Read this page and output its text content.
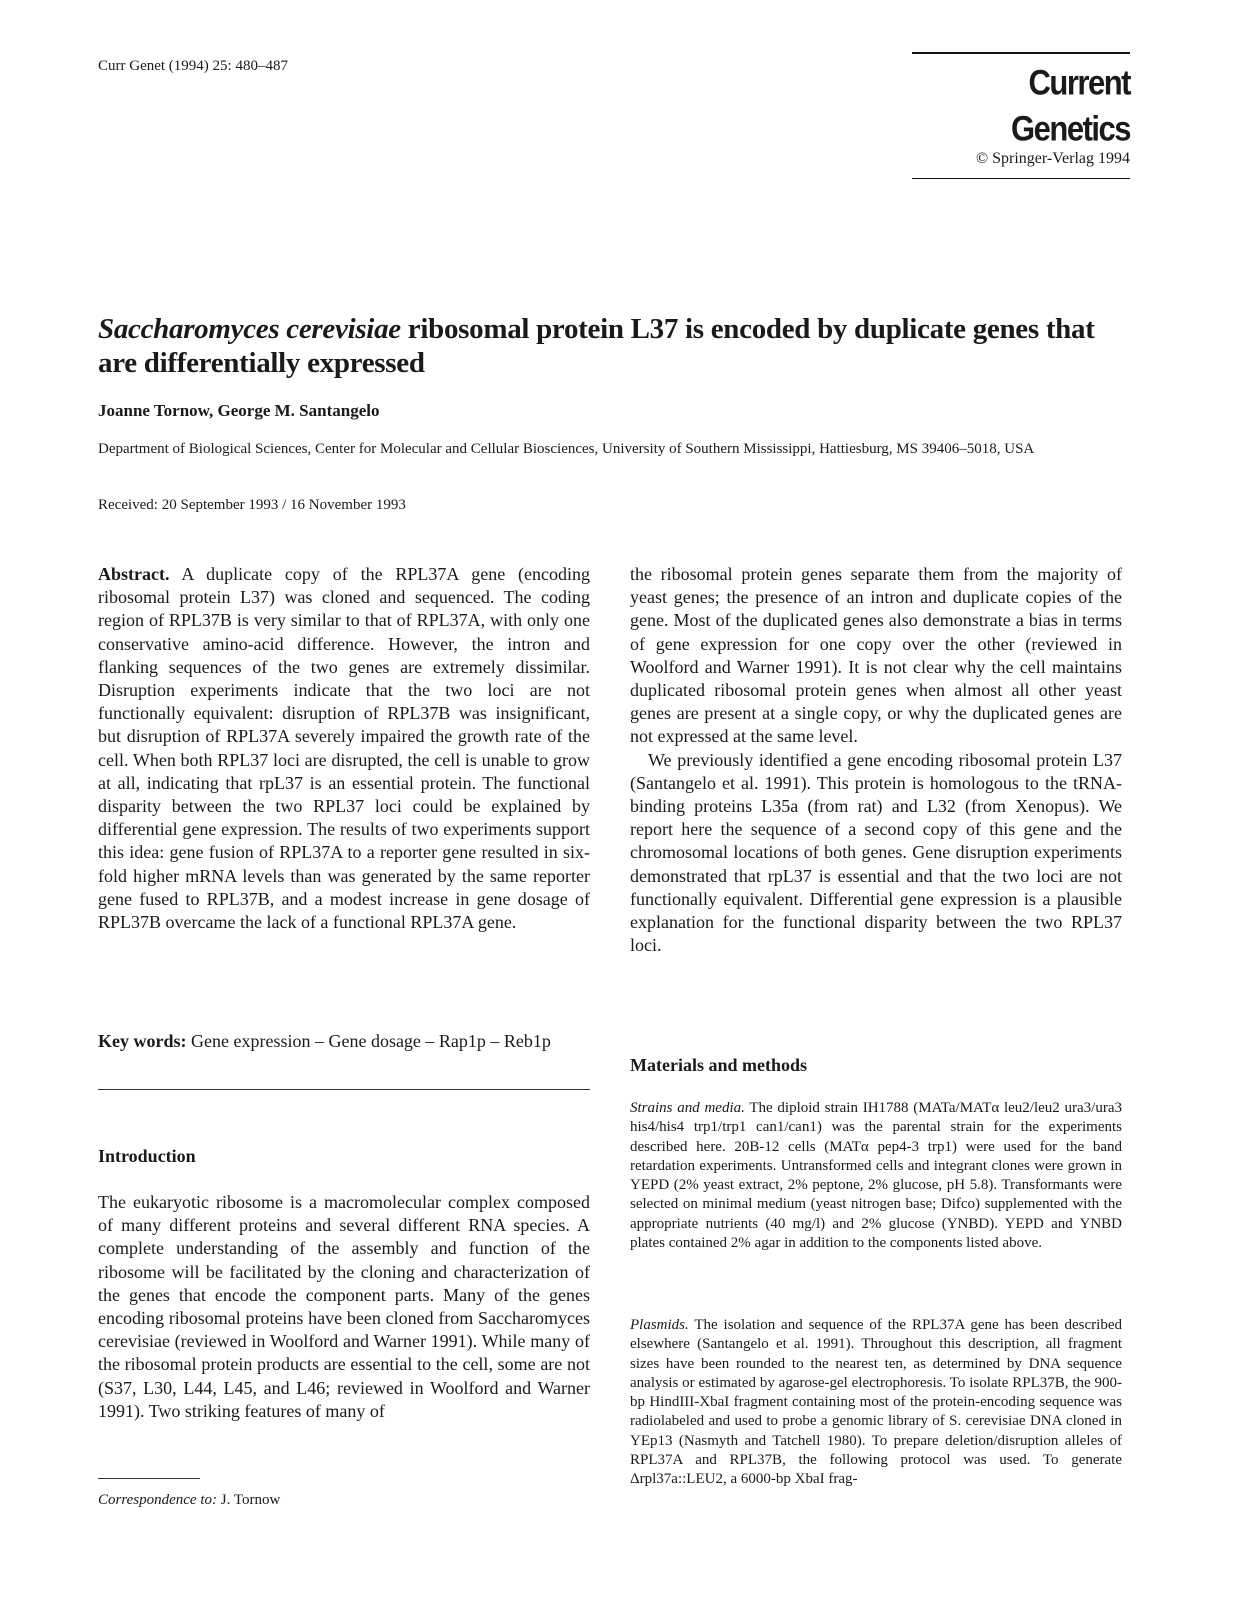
Curr Genet (1994) 25: 480–487	Current Genetics
© Springer-Verlag 1994
Saccharomyces cerevisiae ribosomal protein L37 is encoded by duplicate genes that are differentially expressed
Joanne Tornow, George M. Santangelo
Department of Biological Sciences, Center for Molecular and Cellular Biosciences, University of Southern Mississippi, Hattiesburg, MS 39406–5018, USA
Received: 20 September 1993 / 16 November 1993

Abstract. A duplicate copy of the RPL37A gene (encoding ribosomal protein L37) was cloned and sequenced. The coding region of RPL37B is very similar to that of RPL37A, with only one conservative amino-acid difference. However, the intron and flanking sequences of the two genes are extremely dissimilar. Disruption experiments indicate that the two loci are not functionally equivalent: disruption of RPL37B was insignificant, but disruption of RPL37A severely impaired the growth rate of the cell. When both RPL37 loci are disrupted, the cell is unable to grow at all, indicating that rpL37 is an essential protein. The functional disparity between the two RPL37 loci could be explained by differential gene expression. The results of two experiments support this idea: gene fusion of RPL37A to a reporter gene resulted in six-fold higher mRNA levels than was generated by the same reporter gene fused to RPL37B, and a modest increase in gene dosage of RPL37B overcame the lack of a functional RPL37A gene.

Key words: Gene expression – Gene dosage – Rap1p – Reb1p
Introduction
The eukaryotic ribosome is a macromolecular complex composed of many different proteins and several different RNA species. A complete understanding of the assembly and function of the ribosome will be facilitated by the cloning and characterization of the genes that encode the component parts. Many of the genes encoding ribosomal proteins have been cloned from Saccharomyces cerevisiae (reviewed in Woolford and Warner 1991). While many of the ribosomal protein products are essential to the cell, some are not (S37, L30, L44, L45, and L46; reviewed in Woolford and Warner 1991). Two striking features of many of

the ribosomal protein genes separate them from the majority of yeast genes; the presence of an intron and duplicate copies of the gene. Most of the duplicated genes also demonstrate a bias in terms of gene expression for one copy over the other (reviewed in Woolford and Warner 1991). It is not clear why the cell maintains duplicated ribosomal protein genes when almost all other yeast genes are present at a single copy, or why the duplicated genes are not expressed at the same level.

We previously identified a gene encoding ribosomal protein L37 (Santangelo et al. 1991). This protein is homologous to the tRNA-binding proteins L35a (from rat) and L32 (from Xenopus). We report here the sequence of a second copy of this gene and the chromosomal locations of both genes. Gene disruption experiments demonstrated that rpL37 is essential and that the two loci are not functionally equivalent. Differential gene expression is a plausible explanation for the functional disparity between the two RPL37 loci.

Materials and methods
Strains and media. The diploid strain IH1788 (MATa/MATα leu2/leu2 ura3/ura3 his4/his4 trp1/trp1 can1/can1) was the parental strain for the experiments described here. 20B-12 cells (MATα pep4-3 trp1) were used for the band retardation experiments. Untransformed cells and integrant clones were grown in YEPD (2% yeast extract, 2% peptone, 2% glucose, pH 5.8). Transformants were selected on minimal medium (yeast nitrogen base; Difco) supplemented with the appropriate nutrients (40 mg/l) and 2% glucose (YNBD). YEPD and YNBD plates contained 2% agar in addition to the components listed above.
Plasmids. The isolation and sequence of the RPL37A gene has been described elsewhere (Santangelo et al. 1991). Throughout this description, all fragment sizes have been rounded to the nearest ten, as determined by DNA sequence analysis or estimated by agarose-gel electrophoresis. To isolate RPL37B, the 900-bp HindIII-XbaI fragment containing most of the protein-encoding sequence was radiolabeled and used to probe a genomic library of S. cerevisiae DNA cloned in YEp13 (Nasmyth and Tatchell 1980). To prepare deletion/disruption alleles of RPL37A and RPL37B, the following protocol was used. To generate Δrpl37a::LEU2, a 6000-bp XbaI frag-
Correspondence to: J. Tornow
